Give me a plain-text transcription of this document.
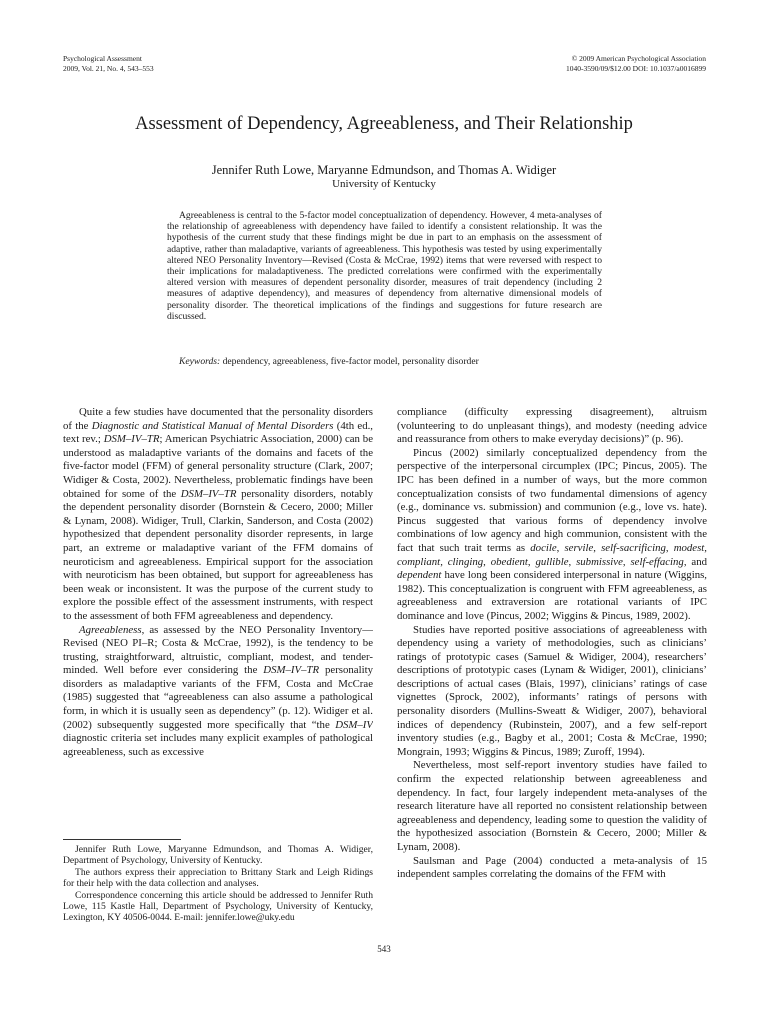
Psychological Assessment
2009, Vol. 21, No. 4, 543–553
© 2009 American Psychological Association
1040-3590/09/$12.00 DOI: 10.1037/a0016899
Assessment of Dependency, Agreeableness, and Their Relationship
Jennifer Ruth Lowe, Maryanne Edmundson, and Thomas A. Widiger
University of Kentucky

Agreeableness is central to the 5-factor model conceptualization of dependency. However, 4 meta-analyses of the relationship of agreeableness with dependency have failed to identify a consistent relationship. It was the hypothesis of the current study that these findings might be due in part to an emphasis on the assessment of adaptive, rather than maladaptive, variants of agreeableness. This hypothesis was tested by using experimentally altered NEO Personality Inventory—Revised (Costa & McCrae, 1992) items that were reversed with respect to their implications for maladaptiveness. The predicted correlations were confirmed with the experimentally altered version with measures of dependent personality disorder, measures of trait dependency (including 2 measures of adaptive dependency), and measures of dependency from alternative dimensional models of personality disorder. The theoretical implications of the findings and suggestions for future research are discussed.

Keywords: dependency, agreeableness, five-factor model, personality disorder

Quite a few studies have documented that the personality disorders of the Diagnostic and Statistical Manual of Mental Disorders (4th ed., text rev.; DSM–IV–TR; American Psychiatric Association, 2000) can be understood as maladaptive variants of the domains and facets of the five-factor model (FFM) of general personality structure (Clark, 2007; Widiger & Costa, 2002). Nevertheless, problematic findings have been obtained for some of the DSM–IV–TR personality disorders, notably the dependent personality disorder (Bornstein & Cecero, 2000; Miller & Lynam, 2008). Widiger, Trull, Clarkin, Sanderson, and Costa (2002) hypothesized that dependent personality disorder represents, in large part, an extreme or maladaptive variant of the FFM domains of neuroticism and agreeableness. Empirical support for the association with neuroticism has been obtained, but support for agreeableness has been weak or inconsistent. It was the purpose of the current study to explore the possible effect of the assessment instruments, with respect to the assessment of both FFM agreeableness and dependency.

Agreeableness, as assessed by the NEO Personality Inventory—Revised (NEO PI–R; Costa & McCrae, 1992), is the tendency to be trusting, straightforward, altruistic, compliant, modest, and tender-minded. Well before ever considering the DSM–IV–TR personality disorders as maladaptive variants of the FFM, Costa and McCrae (1985) suggested that “agreeableness can also assume a pathological form, in which it is usually seen as dependency” (p. 12). Widiger et al. (2002) subsequently suggested more specifically that “the DSM–IV diagnostic criteria set includes many explicit examples of pathological agreeableness, such as excessive

Jennifer Ruth Lowe, Maryanne Edmundson, and Thomas A. Widiger, Department of Psychology, University of Kentucky.

The authors express their appreciation to Brittany Stark and Leigh Ridings for their help with the data collection and analyses.

Correspondence concerning this article should be addressed to Jennifer Ruth Lowe, 115 Kastle Hall, Department of Psychology, University of Kentucky, Lexington, KY 40506-0044. E-mail: jennifer.lowe@uky.edu

compliance (difficulty expressing disagreement), altruism (volunteering to do unpleasant things), and modesty (needing advice and reassurance from others to make everyday decisions)” (p. 96).

Pincus (2002) similarly conceptualized dependency from the perspective of the interpersonal circumplex (IPC; Pincus, 2005). The IPC has been defined in a number of ways, but the more common conceptualization consists of two fundamental dimensions of agency (e.g., dominance vs. submission) and communion (e.g., love vs. hate). Pincus suggested that various forms of dependency involve combinations of low agency and high communion, consistent with the fact that such trait terms as docile, servile, self-sacrificing, modest, compliant, clinging, obedient, gullible, submissive, self-effacing, and dependent have long been considered interpersonal in nature (Wiggins, 1982). This conceptualization is congruent with FFM agreeableness, as agreeableness and extraversion are rotational variants of IPC dominance and love (Pincus, 2002; Wiggins & Pincus, 1989, 2002).

Studies have reported positive associations of agreeableness with dependency using a variety of methodologies, such as clinicians’ ratings of prototypic cases (Samuel & Widiger, 2004), researchers’ descriptions of prototypic cases (Lynam & Widiger, 2001), clinicians’ descriptions of actual cases (Blais, 1997), clinicians’ ratings of case vignettes (Sprock, 2002), informants’ ratings of persons with personality disorders (Mullins-Sweatt & Widiger, 2007), behavioral indices of dependency (Rubinstein, 2007), and a few self-report inventory studies (e.g., Bagby et al., 2001; Costa & McCrae, 1990; Mongrain, 1993; Wiggins & Pincus, 1989; Zuroff, 1994).

Nevertheless, most self-report inventory studies have failed to confirm the expected relationship between agreeableness and dependency. In fact, four largely independent meta-analyses of the research literature have all reported no consistent relationship between agreeableness and dependency, leading some to question the validity of the hypothesized association (Bornstein & Cecero, 2000; Miller & Lynam, 2008).

Saulsman and Page (2004) conducted a meta-analysis of 15 independent samples correlating the domains of the FFM with

543
